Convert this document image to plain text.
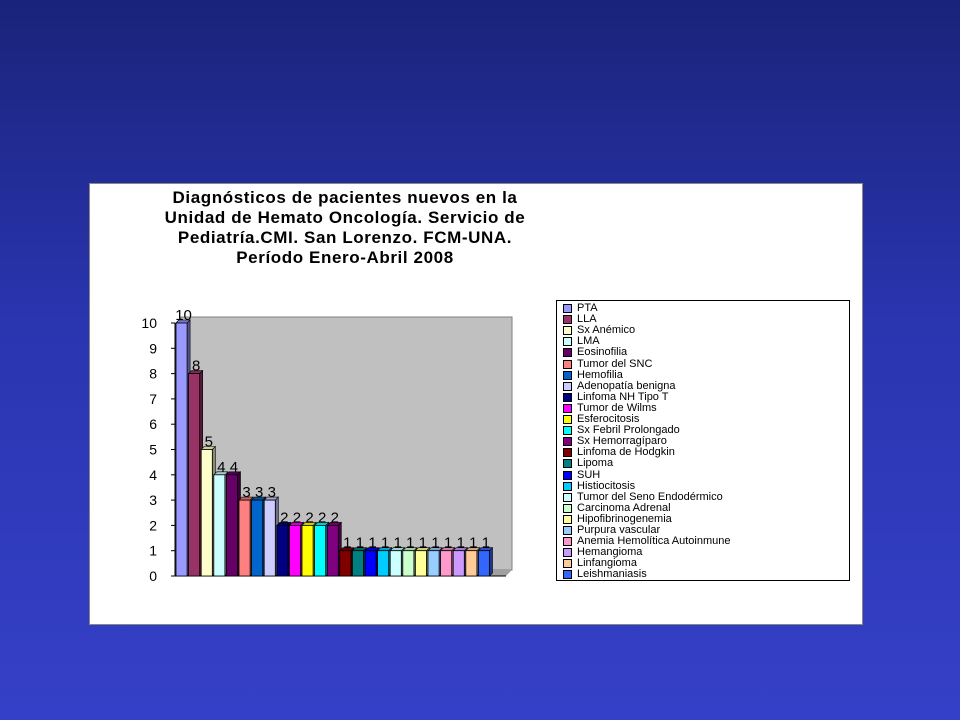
Diagnósticos de pacientes nuevos en la
Unidad de Hemato Oncología. Servicio de
Pediatría.CMI. San Lorenzo. FCM-UNA.
Período Enero-Abril 2008
0
1
2
3
4
5
6
7
8
9
10 10
8
5
4 4
3 3 3
2 2 2 2 2
1 1 1 1 1 1 1 1 1 1 1 1
PTA
LLA
Sx Anémico
LMA
Eosinofilia
Tumor del SNC
Hemofilia
Adenopatía benigna
Linfoma NH Tipo T
Tumor de Wilms
Esferocitosis
Sx Febril Prolongado
Sx Hemorragíparo
Linfoma de Hodgkin
Lipoma
SUH
Histiocitosis
Tumor del Seno Endodérmico
Carcinoma Adrenal
Hipofibrinogenemia
Purpura vascular
Anemia Hemolítica Autoinmune
Hemangioma
Linfangioma
Leishmaniasis
